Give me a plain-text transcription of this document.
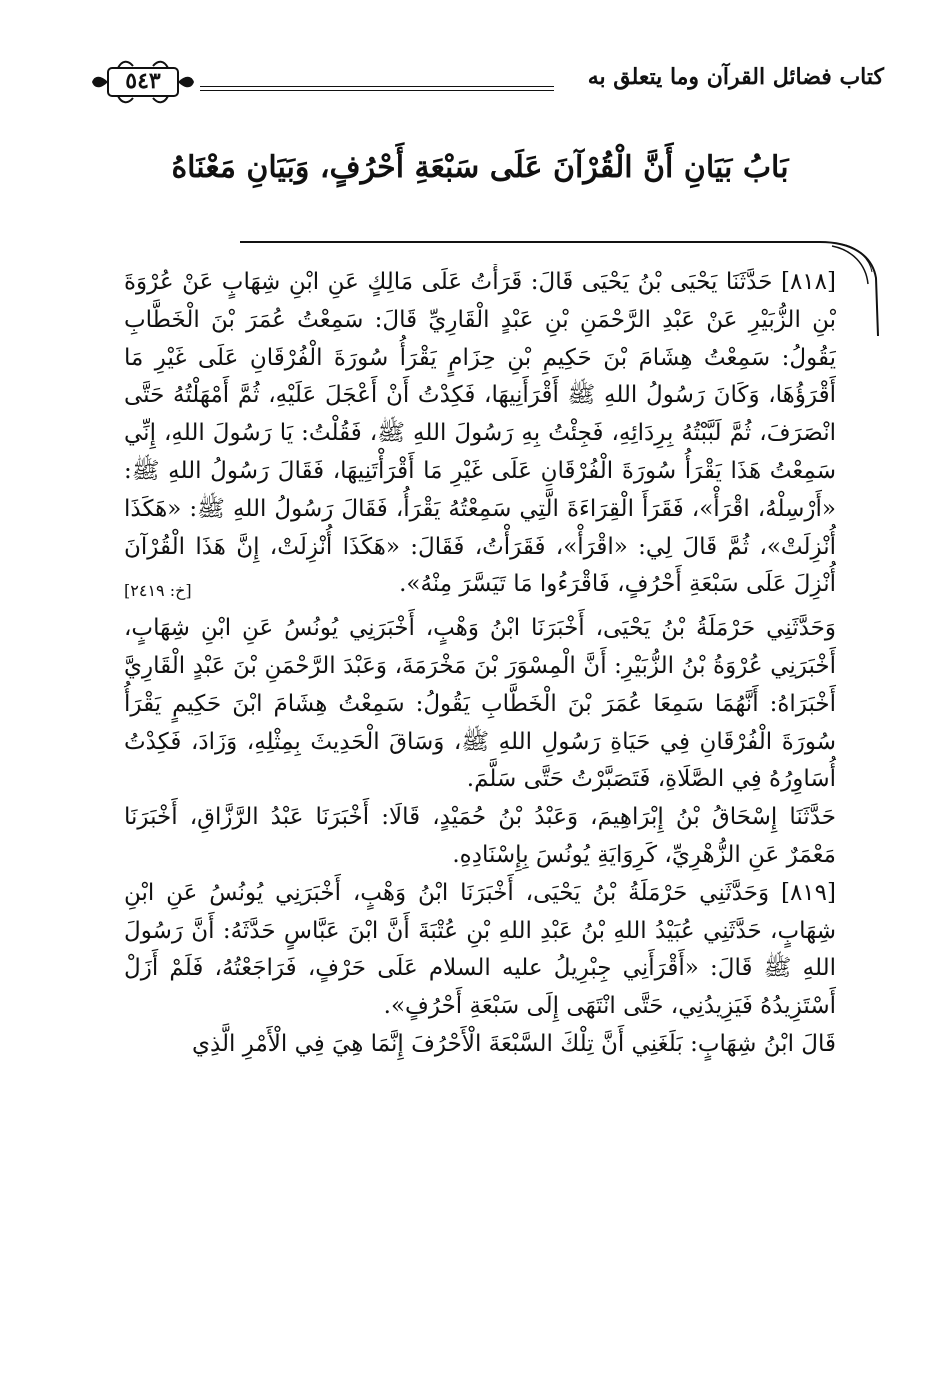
كتاب فضائل القرآن وما يتعلق به
٥٤٣
بَابُ بَيَانِ أَنَّ الْقُرْآنَ عَلَى سَبْعَةِ أَحْرُفٍ، وَبَيَانِ مَعْنَاهُ

[٨١٨] حَدَّثَنَا يَحْيَى بْنُ يَحْيَى قَالَ: قَرَأْتُ عَلَى مَالِكٍ عَنِ ابْنِ شِهَابٍ عَنْ عُرْوَةَ بْنِ الزُّبَيْرِ عَنْ عَبْدِ الرَّحْمَنِ بْنِ عَبْدٍ الْقَارِيِّ قَالَ: سَمِعْتُ عُمَرَ بْنَ الْخَطَّابِ يَقُولُ: سَمِعْتُ هِشَامَ بْنَ حَكِيمِ بْنِ حِزَامٍ يَقْرَأُ سُورَةَ الْفُرْقَانِ عَلَى غَيْرِ مَا أَقْرَؤُهَا، وَكَانَ رَسُولُ اللهِ ﷺ أَقْرَأَنِيهَا، فَكِدْتُ أَنْ أَعْجَلَ عَلَيْهِ، ثُمَّ أَمْهَلْتُهُ حَتَّى انْصَرَفَ، ثُمَّ لَبَّبْتُهُ بِرِدَائِهِ، فَجِئْتُ بِهِ رَسُولَ اللهِ ﷺ، فَقُلْتُ: يَا رَسُولَ اللهِ، إِنِّي سَمِعْتُ هَذَا يَقْرَأُ سُورَةَ الْفُرْقَانِ عَلَى غَيْرِ مَا أَقْرَأْتَنِيهَا، فَقَالَ رَسُولُ اللهِ ﷺ: «أَرْسِلْهُ، اقْرَأْ»، فَقَرَأَ الْقِرَاءَةَ الَّتِي سَمِعْتُهُ يَقْرَأُ، فَقَالَ رَسُولُ اللهِ ﷺ: «هَكَذَا أُنْزِلَتْ»، ثُمَّ قَالَ لِي: «اقْرَأْ»، فَقَرَأْتُ، فَقَالَ: «هَكَذَا أُنْزِلَتْ، إِنَّ هَذَا الْقُرْآنَ أُنْزِلَ عَلَى سَبْعَةِ أَحْرُفٍ، فَاقْرَءُوا مَا تَيَسَّرَ مِنْهُ».
[خ: ٢٤١٩]

وَحَدَّثَنِي حَرْمَلَةُ بْنُ يَحْيَى، أَخْبَرَنَا ابْنُ وَهْبٍ، أَخْبَرَنِي يُونُسُ عَنِ ابْنِ شِهَابٍ، أَخْبَرَنِي عُرْوَةُ بْنُ الزُّبَيْرِ: أَنَّ الْمِسْوَرَ بْنَ مَخْرَمَةَ، وَعَبْدَ الرَّحْمَنِ بْنَ عَبْدٍ الْقَارِيَّ أَخْبَرَاهُ: أَنَّهُمَا سَمِعَا عُمَرَ بْنَ الْخَطَّابِ يَقُولُ: سَمِعْتُ هِشَامَ ابْنَ حَكِيمٍ يَقْرَأُ سُورَةَ الْفُرْقَانِ فِي حَيَاةِ رَسُولِ اللهِ ﷺ، وَسَاقَ الْحَدِيثَ بِمِثْلِهِ، وَزَادَ، فَكِدْتُ أُسَاوِرُهُ فِي الصَّلَاةِ، فَتَصَبَّرْتُ حَتَّى سَلَّمَ.

حَدَّثَنَا إِسْحَاقُ بْنُ إِبْرَاهِيمَ، وَعَبْدُ بْنُ حُمَيْدٍ، قَالَا: أَخْبَرَنَا عَبْدُ الرَّزَّاقِ، أَخْبَرَنَا مَعْمَرٌ عَنِ الزُّهْرِيِّ، كَرِوَايَةِ يُونُسَ بِإِسْنَادِهِ.

[٨١٩] وَحَدَّثَنِي حَرْمَلَةُ بْنُ يَحْيَى، أَخْبَرَنَا ابْنُ وَهْبٍ، أَخْبَرَنِي يُونُسُ عَنِ ابْنِ شِهَابٍ، حَدَّثَنِي عُبَيْدُ اللهِ بْنُ عَبْدِ اللهِ بْنِ عُتْبَةَ أَنَّ ابْنَ عَبَّاسٍ حَدَّثَهُ: أَنَّ رَسُولَ اللهِ ﷺ قَالَ: «أَقْرَأَنِي جِبْرِيلُ عليه السلام عَلَى حَرْفٍ، فَرَاجَعْتُهُ، فَلَمْ أَزَلْ أَسْتَزِيدُهُ فَيَزِيدُنِي، حَتَّى انْتَهَى إِلَى سَبْعَةِ أَحْرُفٍ».

قَالَ ابْنُ شِهَابٍ: بَلَغَنِي أَنَّ تِلْكَ السَّبْعَةَ الْأَحْرُفَ إِنَّمَا هِيَ فِي الْأَمْرِ الَّذِي
